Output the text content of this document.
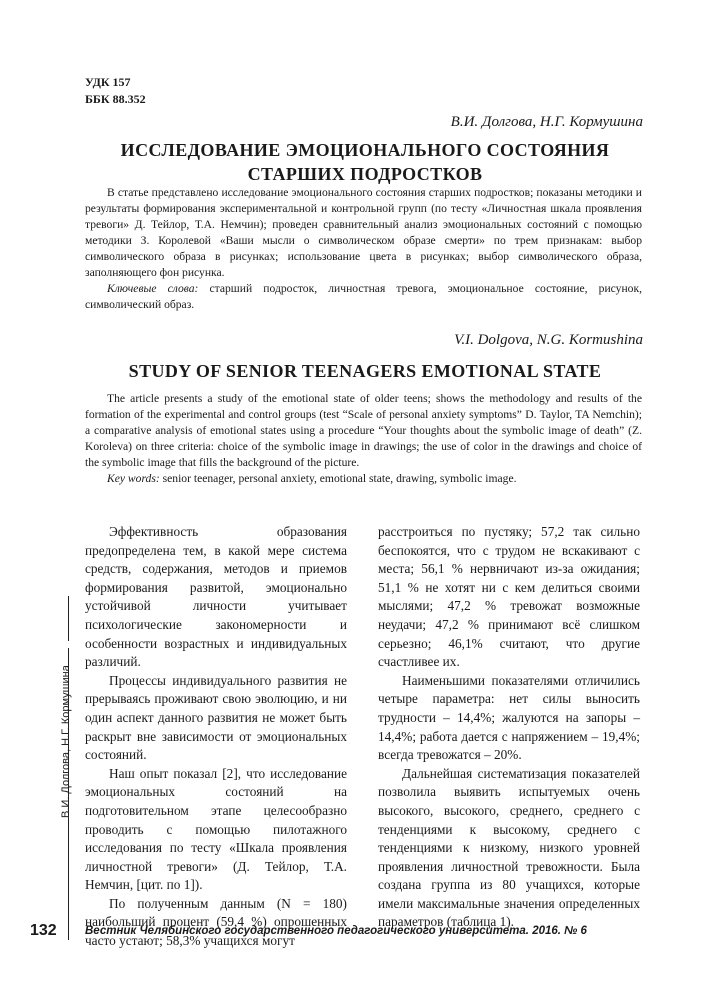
УДК 157
ББК 88.352
В.И. Долгова, Н.Г. Кормушина
ИССЛЕДОВАНИЕ ЭМОЦИОНАЛЬНОГО СОСТОЯНИЯ
СТАРШИХ ПОДРОСТКОВ

В статье представлено исследование эмоционального состояния старших подростков; показаны методики и результаты формирования экспериментальной и контрольной групп (по тесту «Личностная шкала проявления тревоги» Д. Тейлор, Т.А. Немчин); проведен сравнительный анализ эмоциональных состояний с помощью методики З. Королевой «Ваши мысли о символическом образе смерти» по трем признакам: выбор символического образа в рисунках; использование цвета в рисунках; выбор символического образа, заполняющего фон рисунка.

Ключевые слова: старший подросток, личностная тревога, эмоциональное состояние, рисунок, символический образ.

V.I. Dolgova, N.G. Kormushina
STUDY OF SENIOR TEENAGERS EMOTIONAL STATE

The article presents a study of the emotional state of older teens; shows the methodology and results of the formation of the experimental and control groups (test “Scale of personal anxiety symptoms” D. Taylor, TA Nemchin); a comparative analysis of emotional states using a procedure “Your thoughts about the symbolic image of death” (Z. Koroleva) on three criteria: choice of the symbolic image in drawings; the use of color in the drawings and choice of the symbolic image that fills the background of the picture.

Key words: senior teenager, personal anxiety, emotional state, drawing, symbolic image.

Эффективность образования предопределена тем, в какой мере система средств, содержания, методов и приемов формирования развитой, эмоционально устойчивой личности учитывает психологические закономерности и особенности возрастных и индивидуальных различий.

Процессы индивидуального развития не прерываясь проживают свою эволюцию, и ни один аспект данного развития не может быть раскрыт вне зависимости от эмоциональных состояний.

Наш опыт показал [2], что исследование эмоциональных состояний на подготовительном этапе целесообразно проводить с помощью пилотажного исследования по тесту «Шкала проявления личностной тревоги» (Д. Тейлор, Т.А. Немчин, [цит. по 1]).

По полученным данным (N = 180) наибольший процент (59,4 %) опрошенных часто устают; 58,3% учащихся могут

расстроиться по пустяку; 57,2 так сильно беспокоятся, что с трудом не вскакивают с места; 56,1 % нервничают из-за ожидания; 51,1 % не хотят ни с кем делиться своими мыслями; 47,2 % тревожат возможные неудачи; 47,2 % принимают всё слишком серьезно; 46,1% считают, что другие счастливее их.

Наименьшими показателями отличились четыре параметра: нет силы выносить трудности – 14,4%; жалуются на запоры – 14,4%; работа дается с напряжением – 19,4%; всегда тревожатся – 20%.

Дальнейшая систематизация показателей позволила выявить испытуемых очень высокого, высокого, среднего, среднего с тенденциями к высокому, среднего с тенденциями к низкому, низкого уровней проявления личностной тревожности. Была создана группа из 80 учащихся, которые имели максимальные значения определенных параметров (таблица 1).

В.И. Долгова, Н.Г. Кормушина
132 Вестник Челябинского государственного педагогического университета. 2016. № 6
